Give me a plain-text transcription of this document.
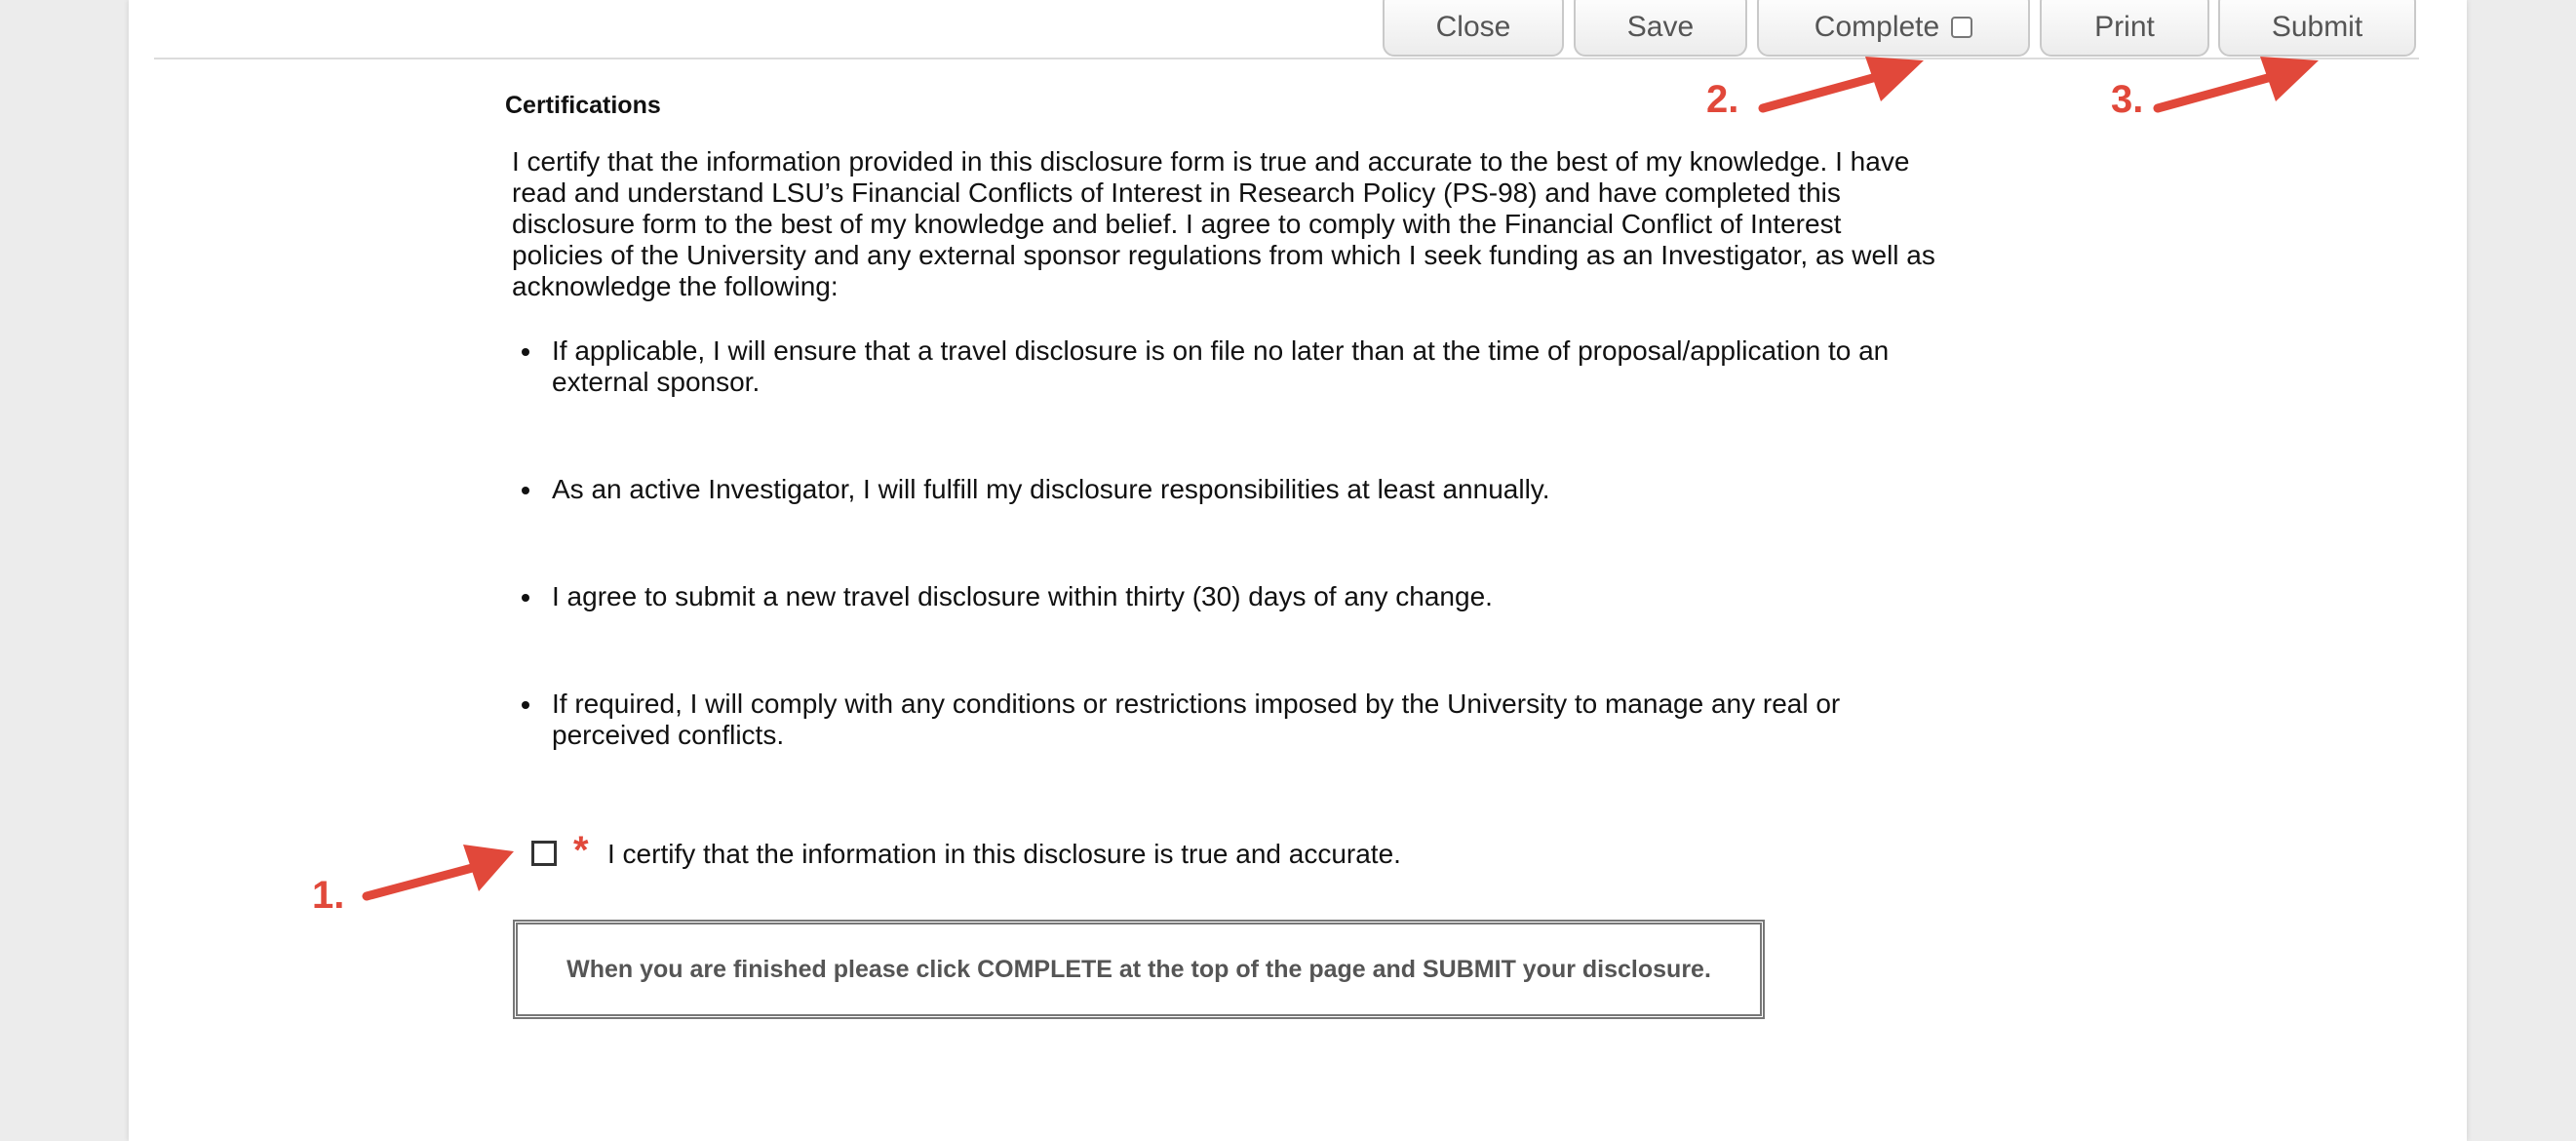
Close	Save	Complete	Print	Submit
Certifications
I certify that the information provided in this disclosure form is true and accurate to the best of my knowledge. I have read and understand LSU’s Financial Conflicts of Interest in Research Policy (PS-98) and have completed this disclosure form to the best of my knowledge and belief. I agree to comply with the Financial Conflict of Interest policies of the University and any external sponsor regulations from which I seek funding as an Investigator, as well as acknowledge the following:
If applicable, I will ensure that a travel disclosure is on file no later than at the time of proposal/application to an external sponsor.
As an active Investigator, I will fulfill my disclosure responsibilities at least annually.
I agree to submit a new travel disclosure within thirty (30) days of any change.
If required, I will comply with any conditions or restrictions imposed by the University to manage any real or perceived conflicts.
* I certify that the information in this disclosure is true and accurate.
When you are finished please click COMPLETE at the top of the page and SUBMIT your disclosure.
1.
2.	3.
